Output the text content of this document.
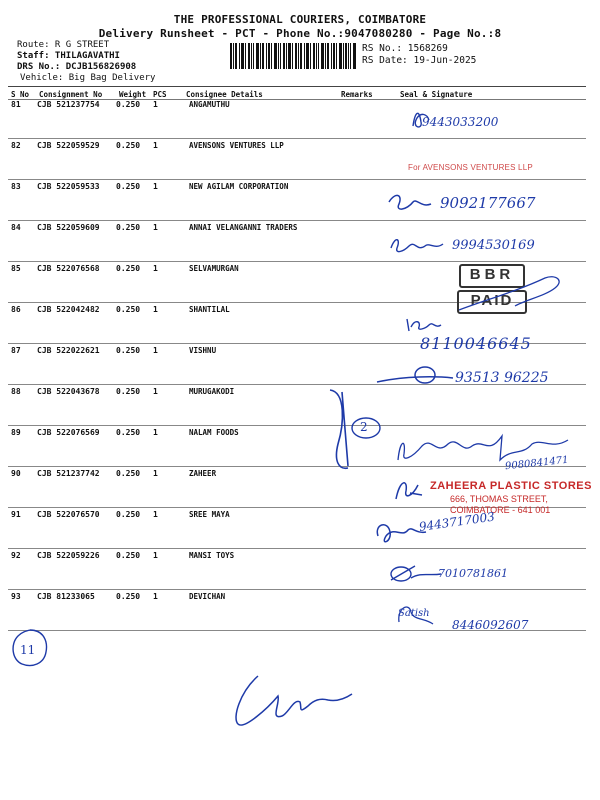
THE PROFESSIONAL COURIERS, COIMBATORE
Delivery Runsheet - PCT - Phone No.:9047080280 - Page No.:8
Route: R G STREET
Staff: THILAGAVATHI
DRS No.: DCJB156826908
Vehicle: Big Bag Delivery
RS No.: 1568269
RS Date: 19-Jun-2025
S No Consignment No Weight PCS	Consignee Details	Remarks	Seal & Signature
81 CJB 521237754 0.250 1	ANGAMUTHU
82 CJB 522059529 0.250 1	AVENSONS VENTURES LLP
83 CJB 522059533 0.250 1	NEW AGILAM CORPORATION
84 CJB 522059609 0.250 1	ANNAI VELANGANNI TRADERS
85 CJB 522076568 0.250 1	SELVAMURGAN
86 CJB 522042482 0.250 1	SHANTILAL
87 CJB 522022621 0.250 1	VISHNU
88 CJB 522043678 0.250 1	MURUGAKODI
89 CJB 522076569 0.250 1	NALAM FOODS
90 CJB 521237742 0.250 1	ZAHEER
91 CJB 522076570 0.250 1	SREE MAYA
92 CJB 522059226 0.250 1	MANSI TOYS
93 CJB 81233065	0.250 1	DEVICHAN
9443033200
For AVENSONS VENTURES LLP
9092177667
9994530169
BBR
PAID
8110046645
93513 96225
2
9080841471
ZAHEERA PLASTIC STORES
666, THOMAS STREET,
COIMBATORE - 641 001
9443717003
7010781861
Satish
8446092607
11
